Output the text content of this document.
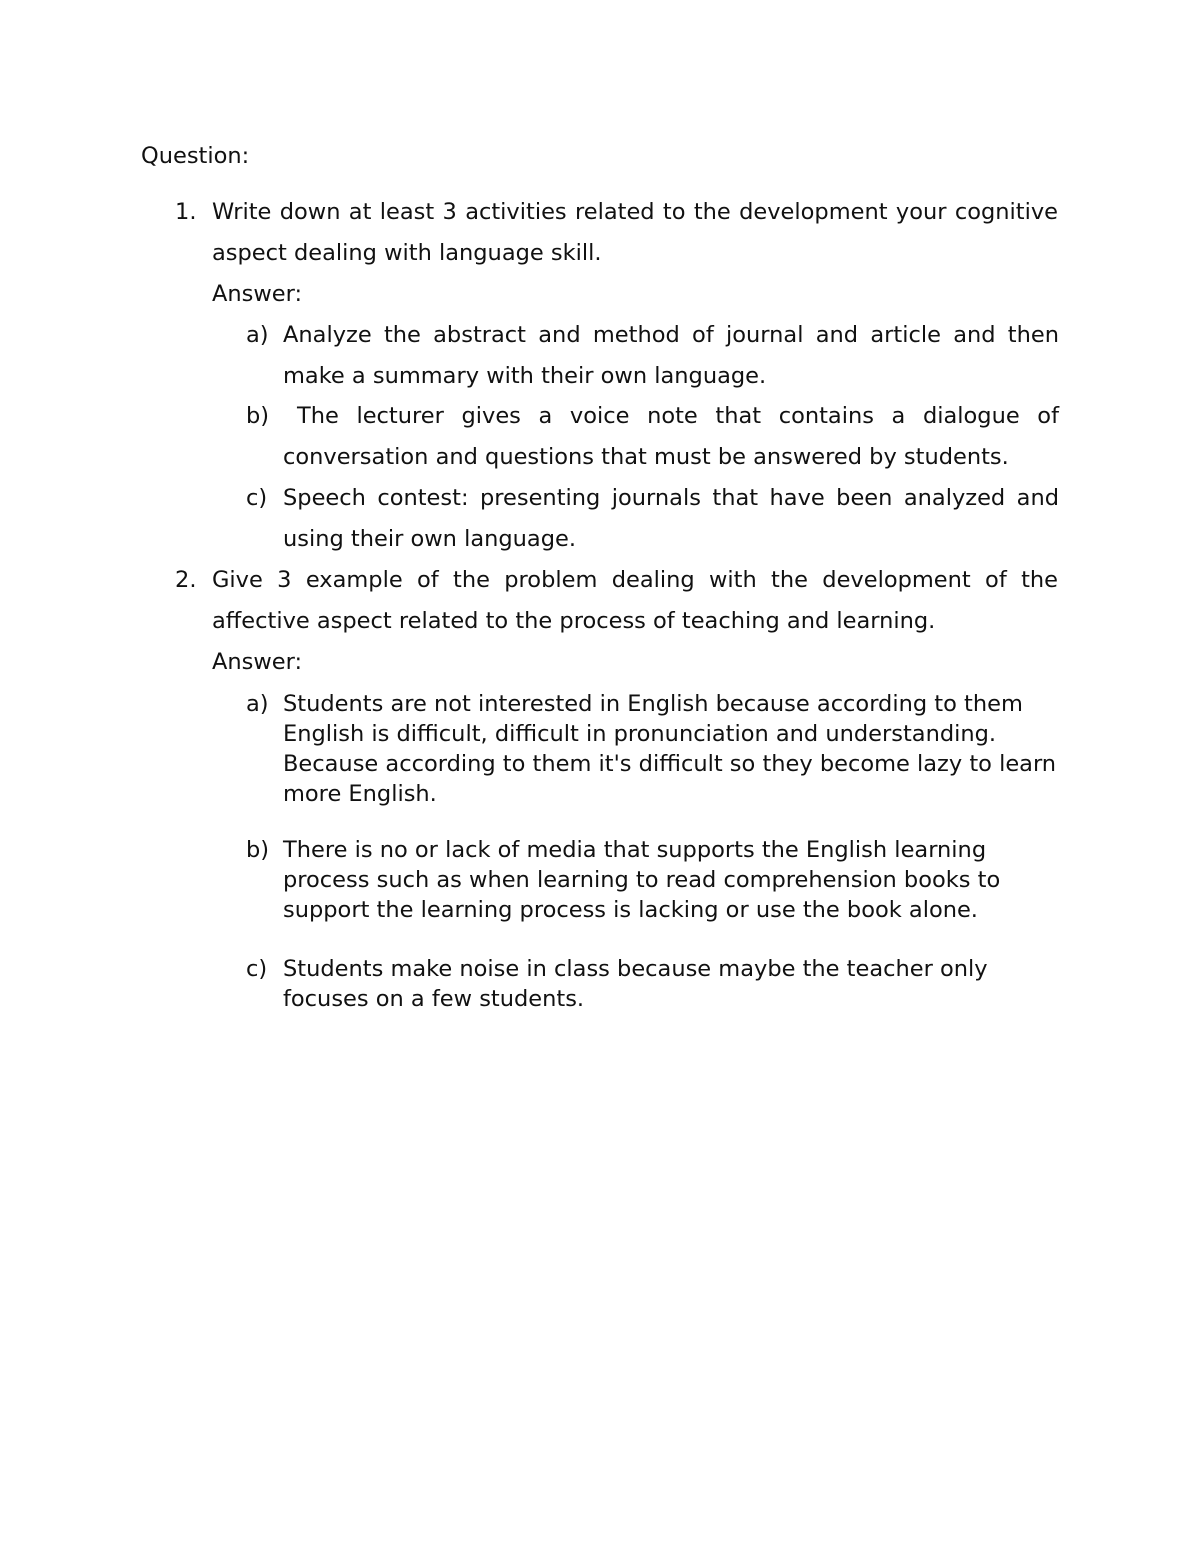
Question:
1. Write down at least 3 activities related to the development your cognitive aspect dealing with language skill.
Answer:
a) Analyze the abstract and method of journal and article and then make a summary with their own language.
b)	The lecturer gives a voice note that contains a dialogue of conversation and questions that must be answered by students.
c) Speech contest: presenting journals that have been analyzed and using their own language.
2. Give 3 example of the problem dealing with the development of the affective aspect related to the process of teaching and learning.
Answer:
a) Students are not interested in English because according to them English is difficult, difficult in pronunciation and understanding. Because according to them it's difficult so they become lazy to learn more English.
b) There is no or lack of media that supports the English learning process such as when learning to read comprehension books to support the learning process is lacking or use the book alone.
c) Students make noise in class because maybe the teacher only focuses on a few students.
